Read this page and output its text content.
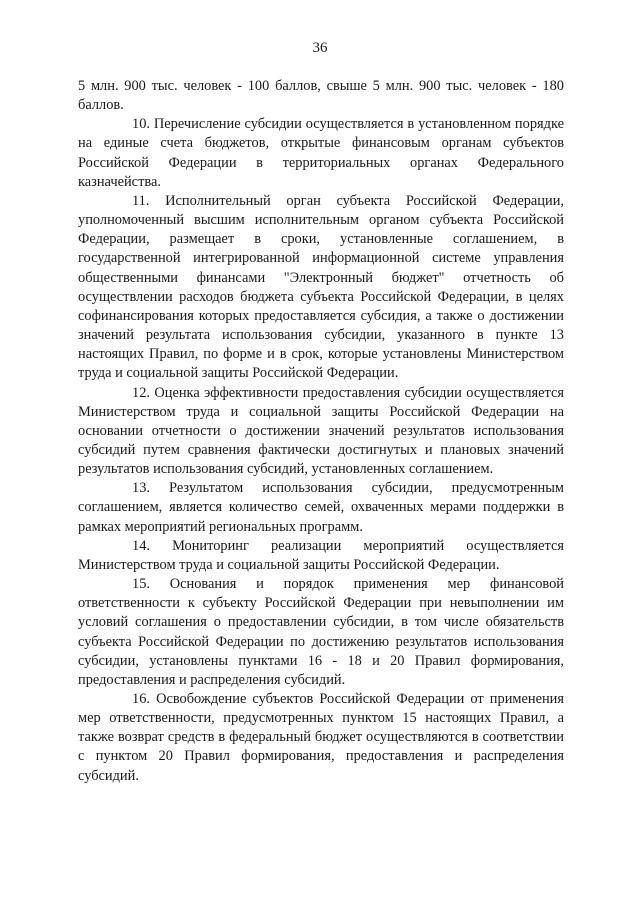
36

5 млн. 900 тыс. человек - 100 баллов, свыше 5 млн. 900 тыс. человек - 180 баллов.

10. Перечисление субсидии осуществляется в установленном порядке на единые счета бюджетов, открытые финансовым органам субъектов Российской Федерации в территориальных органах Федерального казначейства.

11. Исполнительный орган субъекта Российской Федерации, уполномоченный высшим исполнительным органом субъекта Российской Федерации, размещает в сроки, установленные соглашением, в государственной интегрированной информационной системе управления общественными финансами "Электронный бюджет" отчетность об осуществлении расходов бюджета субъекта Российской Федерации, в целях софинансирования которых предоставляется субсидия, а также о достижении значений результата использования субсидии, указанного в пункте 13 настоящих Правил, по форме и в срок, которые установлены Министерством труда и социальной защиты Российской Федерации.

12. Оценка эффективности предоставления субсидии осуществляется Министерством труда и социальной защиты Российской Федерации на основании отчетности о достижении значений результатов использования субсидий путем сравнения фактически достигнутых и плановых значений результатов использования субсидий, установленных соглашением.

13. Результатом использования субсидии, предусмотренным соглашением, является количество семей, охваченных мерами поддержки в рамках мероприятий региональных программ.

14. Мониторинг реализации мероприятий осуществляется Министерством труда и социальной защиты Российской Федерации.

15. Основания и порядок применения мер финансовой ответственности к субъекту Российской Федерации при невыполнении им условий соглашения о предоставлении субсидии, в том числе обязательств субъекта Российской Федерации по достижению результатов использования субсидии, установлены пунктами 16 - 18 и 20 Правил формирования, предоставления и распределения субсидий.

16. Освобождение субъектов Российской Федерации от применения мер ответственности, предусмотренных пунктом 15 настоящих Правил, а также возврат средств в федеральный бюджет осуществляются в соответствии с пунктом 20 Правил формирования, предоставления и распределения субсидий.
